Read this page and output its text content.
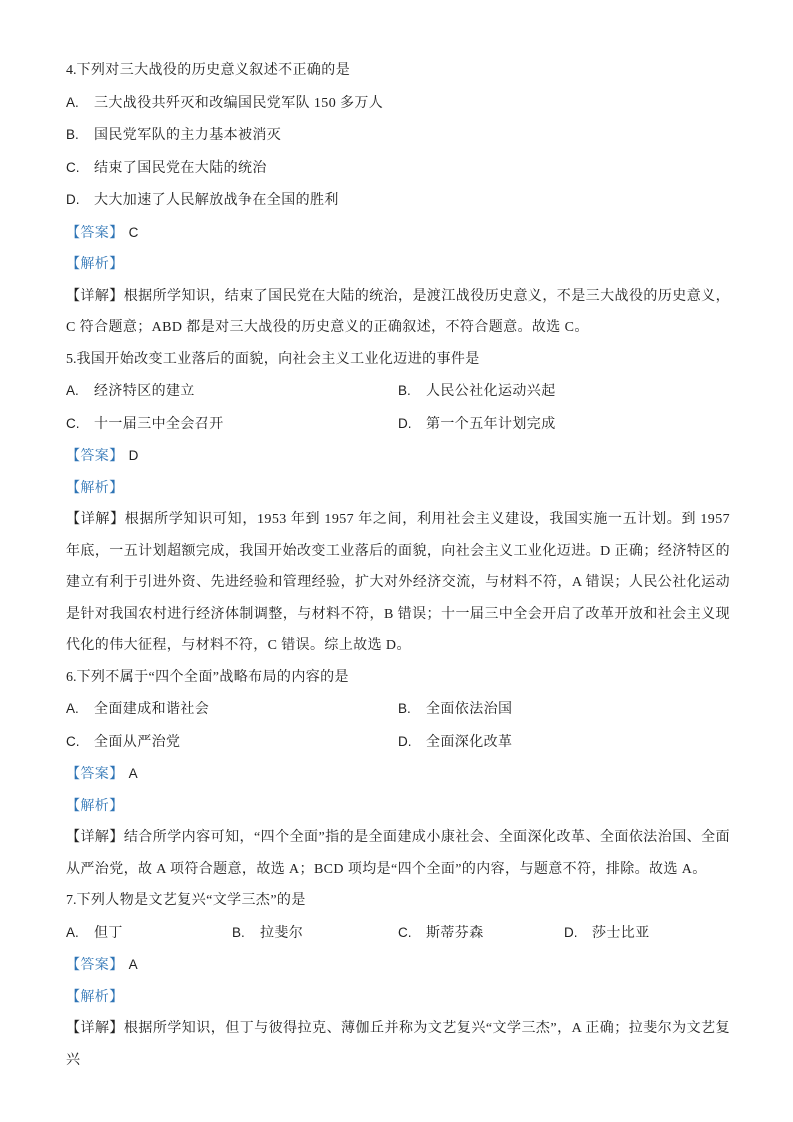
4.下列对三大战役的历史意义叙述不正确的是

A. 三大战役共歼灭和改编国民党军队 150 多万人

B. 国民党军队的主力基本被消灭

C. 结束了国民党在大陆的统治

D. 大大加速了人民解放战争在全国的胜利

【答案】 C

【解析】

【详解】根据所学知识，结束了国民党在大陆的统治，是渡江战役历史意义，不是三大战役的历史意义，C 符合题意；ABD 都是对三大战役的历史意义的正确叙述，不符合题意。故选 C。

5.我国开始改变工业落后的面貌，向社会主义工业化迈进的事件是

A. 经济特区的建立	B. 人民公社化运动兴起

C. 十一届三中全会召开	D. 第一个五年计划完成

【答案】 D

【解析】

【详解】根据所学知识可知，1953 年到 1957 年之间，利用社会主义建设，我国实施一五计划。到 1957 年底，一五计划超额完成，我国开始改变工业落后的面貌，向社会主义工业化迈进。D 正确；经济特区的建立有利于引进外资、先进经验和管理经验，扩大对外经济交流，与材料不符，A 错误；人民公社化运动是针对我国农村进行经济体制调整，与材料不符，B 错误；十一届三中全会开启了改革开放和社会主义现代化的伟大征程，与材料不符，C 错误。综上故选 D。

6.下列不属于“四个全面”战略布局的内容的是

A. 全面建成和谐社会	B. 全面依法治国

C. 全面从严治党	D. 全面深化改革

【答案】 A

【解析】

【详解】结合所学内容可知，“四个全面”指的是全面建成小康社会、全面深化改革、全面依法治国、全面从严治党，故 A 项符合题意，故选 A；BCD 项均是“四个全面”的内容，与题意不符，排除。故选 A。

7.下列人物是文艺复兴“文学三杰”的是

A. 但丁	B. 拉斐尔	C. 斯蒂芬森	D. 莎士比亚

【答案】 A

【解析】

【详解】根据所学知识，但丁与彼得拉克、薄伽丘并称为文艺复兴“文学三杰”，A 正确；拉斐尔为文艺复兴
